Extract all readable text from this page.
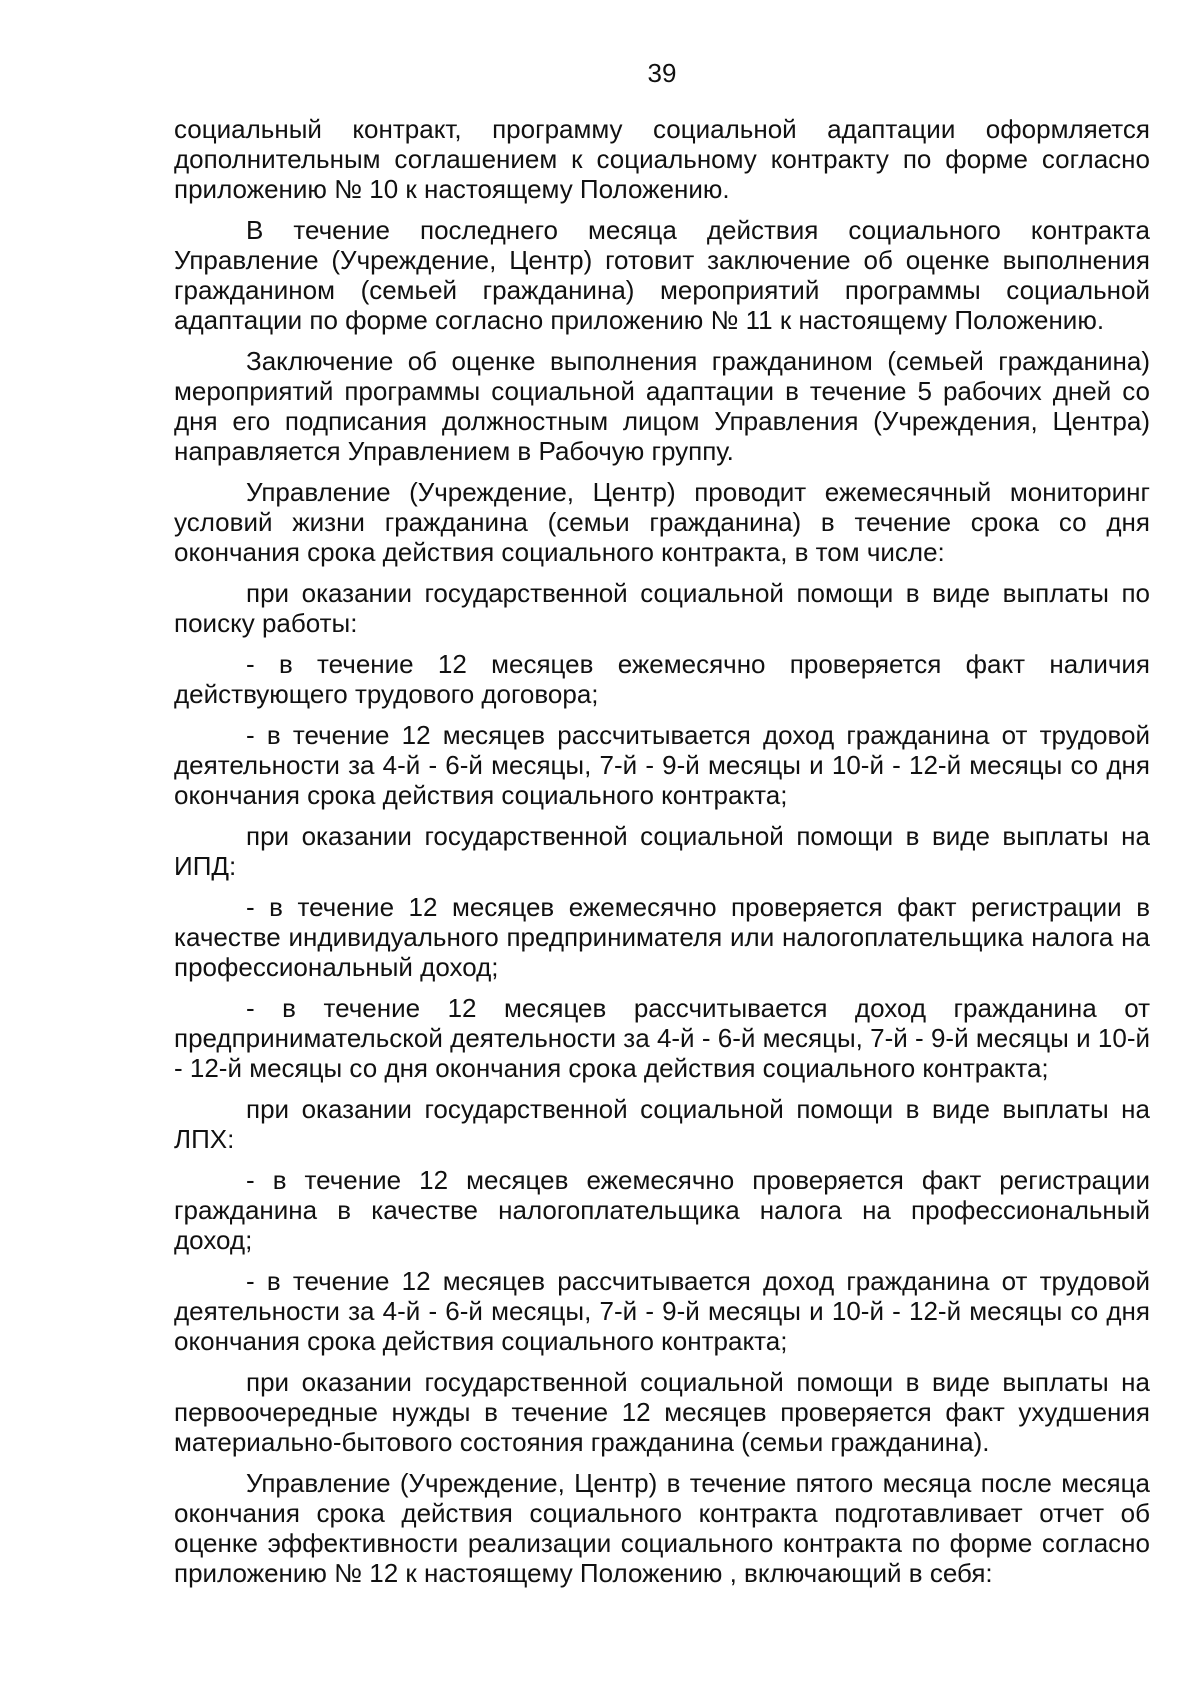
39

социальный контракт, программу социальной адаптации оформляется дополнительным соглашением к социальному контракту по форме согласно приложению № 10 к настоящему Положению.

В течение последнего месяца действия социального контракта Управление (Учреждение, Центр) готовит заключение об оценке выполнения гражданином (семьей гражданина) мероприятий программы социальной адаптации по форме согласно приложению № 11 к настоящему Положению.

Заключение об оценке выполнения гражданином (семьей гражданина) мероприятий программы социальной адаптации в течение 5 рабочих дней со дня его подписания должностным лицом Управления (Учреждения, Центра) направляется Управлением в Рабочую группу.

Управление (Учреждение, Центр) проводит ежемесячный мониторинг условий жизни гражданина (семьи гражданина) в течение срока со дня окончания срока действия социального контракта, в том числе:

при оказании государственной социальной помощи в виде выплаты по поиску работы:

- в течение 12 месяцев ежемесячно проверяется факт наличия действующего трудового договора;

- в течение 12 месяцев рассчитывается доход гражданина от трудовой деятельности за 4-й - 6-й месяцы, 7-й - 9-й месяцы и 10-й - 12-й месяцы со дня окончания срока действия социального контракта;

при оказании государственной социальной помощи в виде выплаты на ИПД:

- в течение 12 месяцев ежемесячно проверяется факт регистрации в качестве индивидуального предпринимателя или налогоплательщика налога на профессиональный доход;

- в течение 12 месяцев рассчитывается доход гражданина от предпринимательской деятельности за 4-й - 6-й месяцы, 7-й - 9-й месяцы и 10-й - 12-й месяцы со дня окончания срока действия социального контракта;

при оказании государственной социальной помощи в виде выплаты на ЛПХ:

- в течение 12 месяцев ежемесячно проверяется факт регистрации гражданина в качестве налогоплательщика налога на профессиональный доход;

- в течение 12 месяцев рассчитывается доход гражданина от трудовой деятельности за 4-й - 6-й месяцы, 7-й - 9-й месяцы и 10-й - 12-й месяцы со дня окончания срока действия социального контракта;

при оказании государственной социальной помощи в виде выплаты на первоочередные нужды в течение 12 месяцев проверяется факт ухудшения материально-бытового состояния гражданина (семьи гражданина).

Управление (Учреждение, Центр) в течение пятого месяца после месяца окончания срока действия социального контракта подготавливает отчет об оценке эффективности реализации социального контракта по форме согласно приложению № 12 к настоящему Положению , включающий в себя:
